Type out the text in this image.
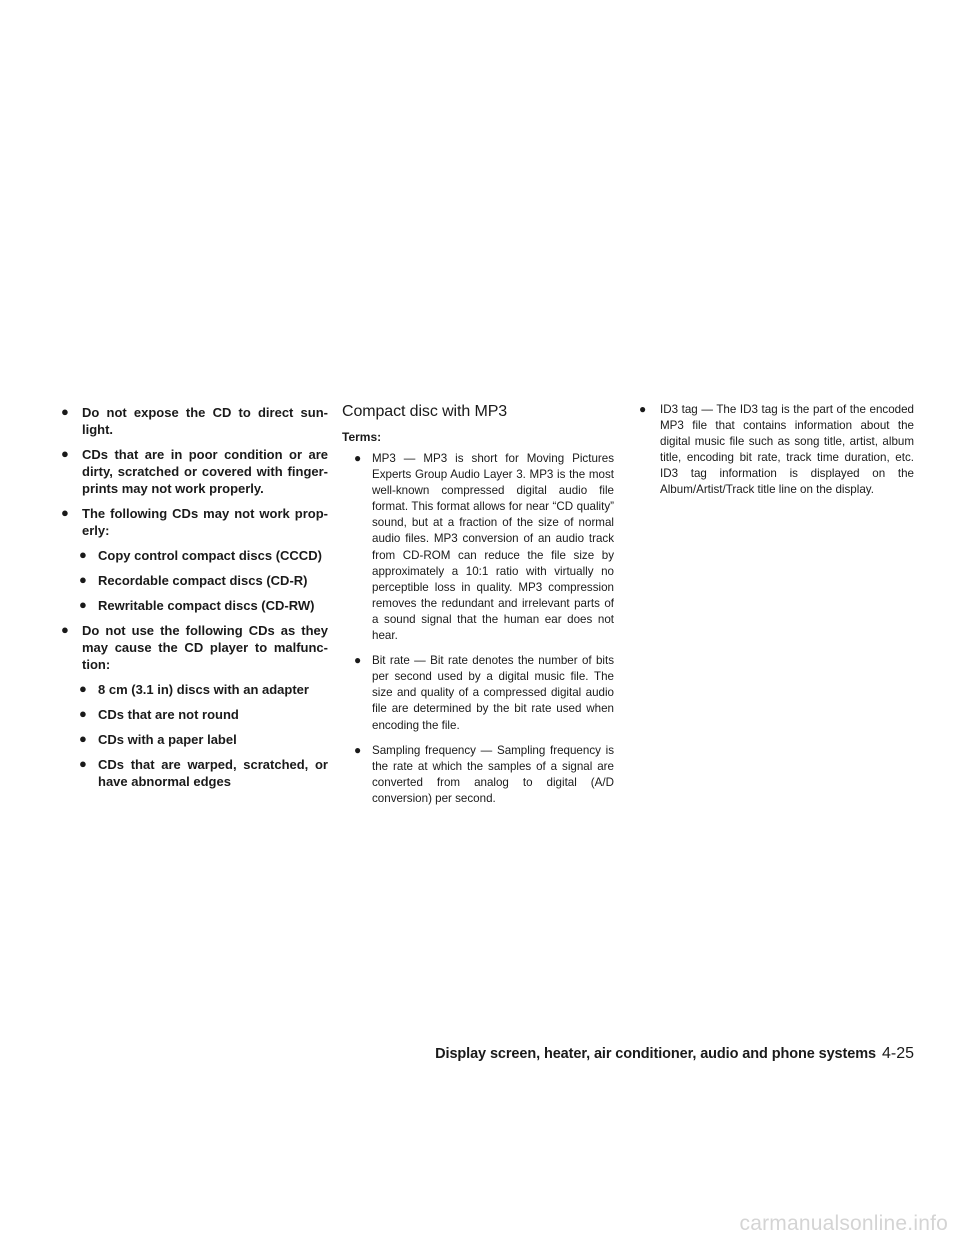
● Do not expose the CD to direct sun-light.
● CDs that are in poor condition or are dirty, scratched or covered with finger-prints may not work properly.
● The following CDs may not work prop-erly:
● Copy control compact discs (CCCD)
● Recordable compact discs (CD-R)
● Rewritable compact discs (CD-RW)
● Do not use the following CDs as they may cause the CD player to malfunc-tion:
● 8 cm (3.1 in) discs with an adapter
● CDs that are not round
● CDs with a paper label
● CDs that are warped, scratched, or have abnormal edges
Compact disc with MP3
Terms:
● MP3 — MP3 is short for Moving Pictures Experts Group Audio Layer 3. MP3 is the most well-known compressed digital audio file format. This format allows for near “CD quality” sound, but at a fraction of the size of normal audio files. MP3 conversion of an audio track from CD-ROM can reduce the file size by approximately a 10:1 ratio with virtually no perceptible loss in quality. MP3 compression removes the redundant and irrelevant parts of a sound signal that the human ear does not hear.
● Bit rate — Bit rate denotes the number of bits per second used by a digital music file. The size and quality of a compressed digital audio file are determined by the bit rate used when encoding the file.
● Sampling frequency — Sampling frequency is the rate at which the samples of a signal are converted from analog to digital (A/D conversion) per second.
● ID3 tag — The ID3 tag is the part of the encoded MP3 file that contains information about the digital music file such as song title, artist, album title, encoding bit rate, track time duration, etc. ID3 tag information is displayed on the Album/Artist/Track title line on the display.
Display screen, heater, air conditioner, audio and phone systems 4-25
carmanualsonline.info
